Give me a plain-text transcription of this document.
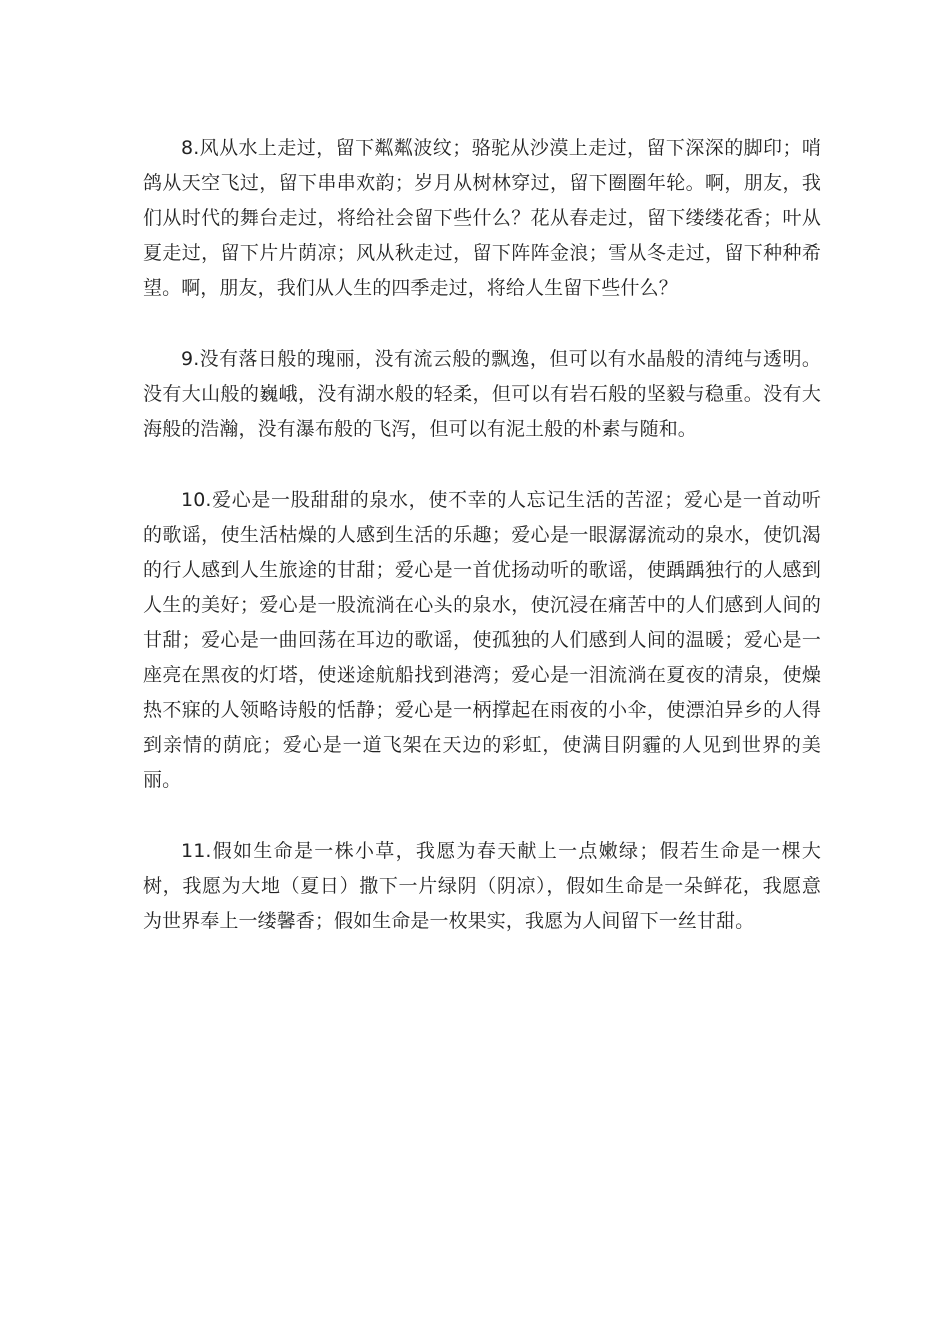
8.风从水上走过，留下粼粼波纹；骆驼从沙漠上走过，留下深深的脚印；哨鸽从天空飞过，留下串串欢韵；岁月从树林穿过，留下圈圈年轮。啊，朋友，我们从时代的舞台走过，将给社会留下些什么？花从春走过，留下缕缕花香；叶从夏走过，留下片片荫凉；风从秋走过，留下阵阵金浪；雪从冬走过，留下种种希望。啊，朋友，我们从人生的四季走过，将给人生留下些什么？

9.没有落日般的瑰丽，没有流云般的飘逸，但可以有水晶般的清纯与透明。没有大山般的巍峨，没有湖水般的轻柔，但可以有岩石般的坚毅与稳重。没有大海般的浩瀚，没有瀑布般的飞泻，但可以有泥土般的朴素与随和。

10.爱心是一股甜甜的泉水，使不幸的人忘记生活的苦涩；爱心是一首动听的歌谣，使生活枯燥的人感到生活的乐趣；爱心是一眼潺潺流动的泉水，使饥渴的行人感到人生旅途的甘甜；爱心是一首优扬动听的歌谣，使踽踽独行的人感到人生的美好；爱心是一股流淌在心头的泉水，使沉浸在痛苦中的人们感到人间的甘甜；爱心是一曲回荡在耳边的歌谣，使孤独的人们感到人间的温暖；爱心是一座亮在黑夜的灯塔，使迷途航船找到港湾；爱心是一泪流淌在夏夜的清泉，使燥热不寐的人领略诗般的恬静；爱心是一柄撑起在雨夜的小伞，使漂泊异乡的人得到亲情的荫庇；爱心是一道飞架在天边的彩虹，使满目阴霾的人见到世界的美丽。

11.假如生命是一株小草，我愿为春天献上一点嫩绿；假若生命是一棵大树，我愿为大地（夏日）撒下一片绿阴（阴凉），假如生命是一朵鲜花，我愿意为世界奉上一缕馨香；假如生命是一枚果实，我愿为人间留下一丝甘甜。
